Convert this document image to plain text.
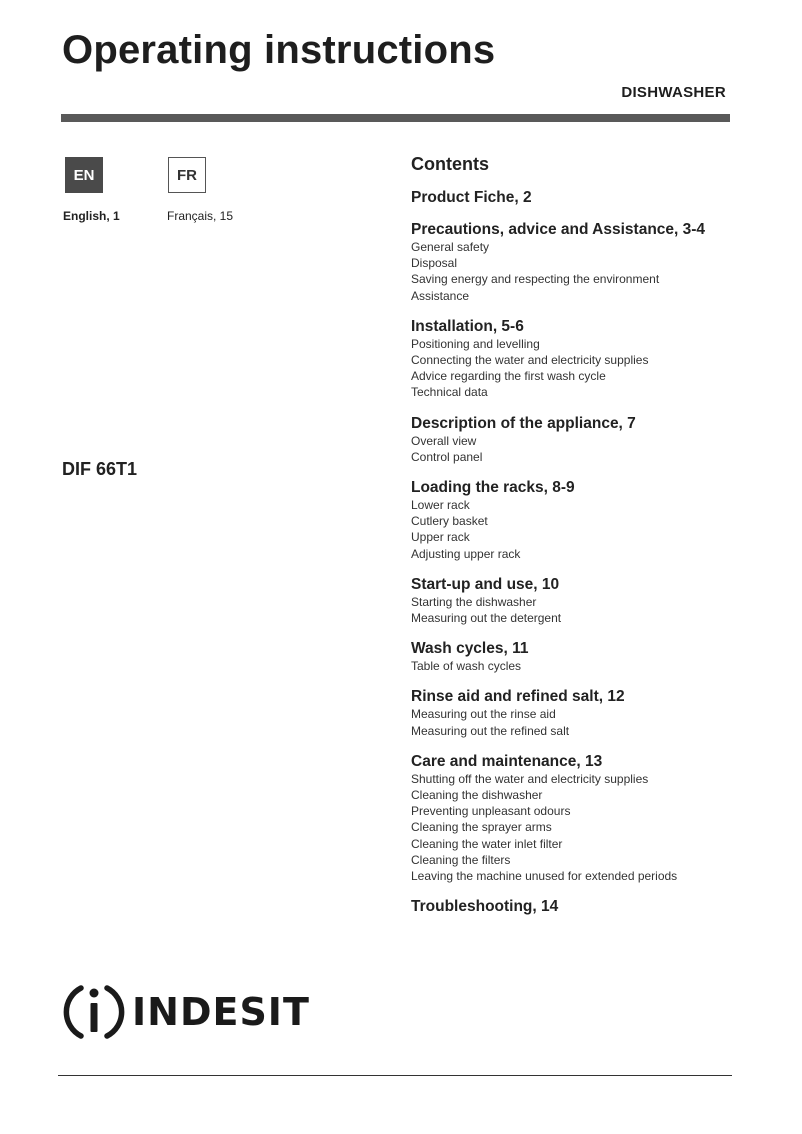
Operating instructions
DISHWASHER
EN	FR
English, 1	Français, 15
DIF 66T1
Contents
Product Fiche, 2
Precautions, advice and Assistance, 3-4
General safety
Disposal
Saving energy and respecting the environment
Assistance
Installation, 5-6
Positioning and levelling
Connecting the water and electricity supplies
Advice regarding the first wash cycle
Technical data
Description of the appliance, 7
Overall view
Control panel
Loading the racks, 8-9
Lower rack
Cutlery basket
Upper rack
Adjusting upper rack
Start-up and use, 10
Starting the dishwasher
Measuring out the detergent
Wash cycles, 11
Table of wash cycles
Rinse aid and refined salt, 12
Measuring out the rinse aid
Measuring out the refined salt
Care and maintenance, 13
Shutting off the water and electricity supplies
Cleaning the dishwasher
Preventing unpleasant odours
Cleaning the sprayer arms
Cleaning the water inlet filter
Cleaning the filters
Leaving the machine unused for extended periods
Troubleshooting, 14
INDESIT
